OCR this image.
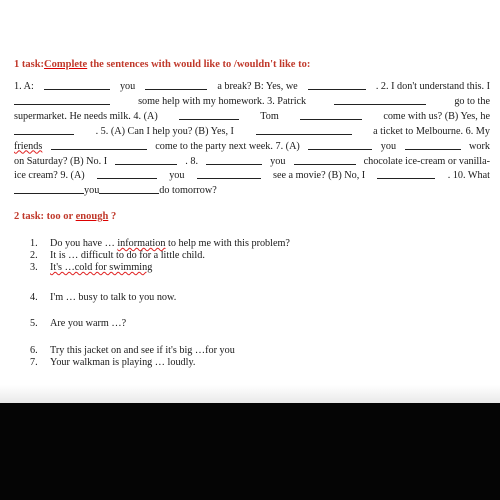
1 task:Complete the sentences with would like to /wouldn't like to:
1. A:	you	a break? B: Yes, we	. 2. I don't understand this. I
some help with my homework. 3. Patrick	go to the
supermarket. He needs milk. 4. (A)	Tom	come with us? (B) Yes, he
. 5. (A) Can I help you? (B) Yes, I	a ticket to Melbourne. 6. My
friends	come to the party next week. 7. (A)	you	work
on Saturday? (B) No. I	. 8.	you	chocolate ice-cream or vanilla-
ice cream? 9. (A)	you	see a movie? (B) No, I	. 10. What
you	do tomorrow?
2 task: too or enough ?
1. Do you have … information to help me with this problem?
2. It is … difficult to do for a little child.
3. It's …cold for swimming
4. I'm … busy to talk to you now.
5. Are you warm …?
6. Try this jacket on and see if it's big …for you
7. Your walkman is playing … loudly.
